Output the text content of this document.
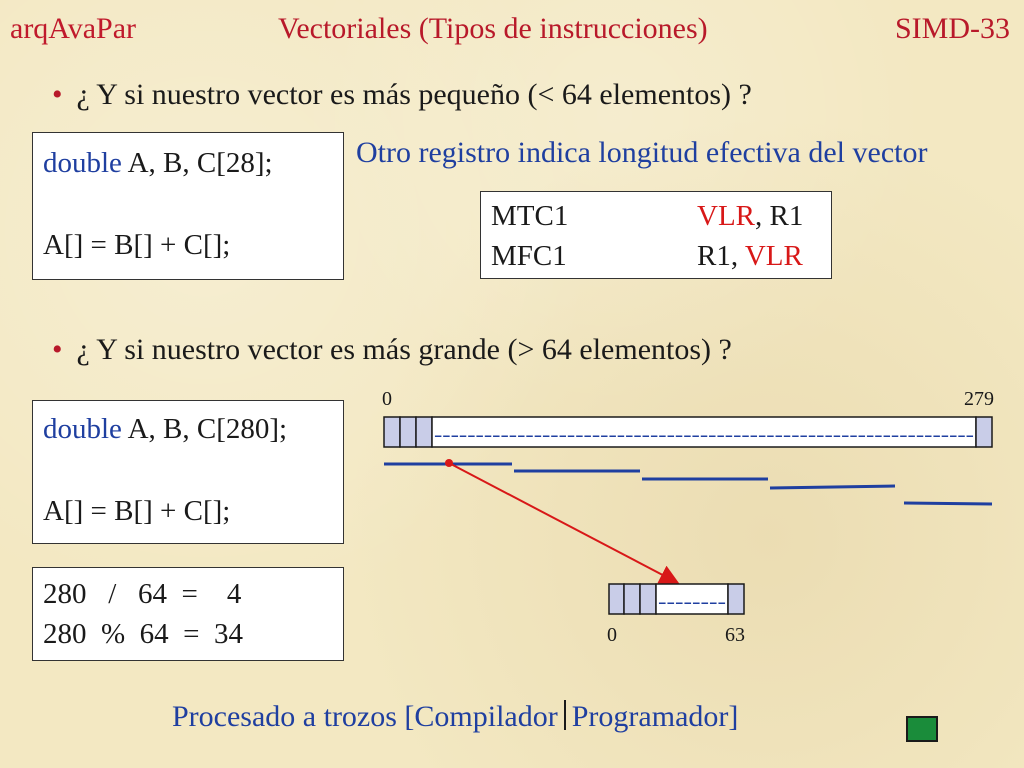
arqAvaPar	Vectoriales (Tipos de instrucciones)	SIMD-33
• ¿ Y si nuestro vector es más pequeño (< 64 elementos) ?
double A, B, C[28];
A[] = B[] + C[];
Otro registro indica longitud efectiva del vector
MTC1	VLR, R1
MFC1	R1, VLR
• ¿ Y si nuestro vector es más grande (> 64 elementos) ?
double A, B, C[280];
A[] = B[] + C[];

280   /   64  =    4

280  %  64  =  34

0	279
-----------------------------------------------------------------
--------
0	63
Procesado a trozos [Compilador Programador]
